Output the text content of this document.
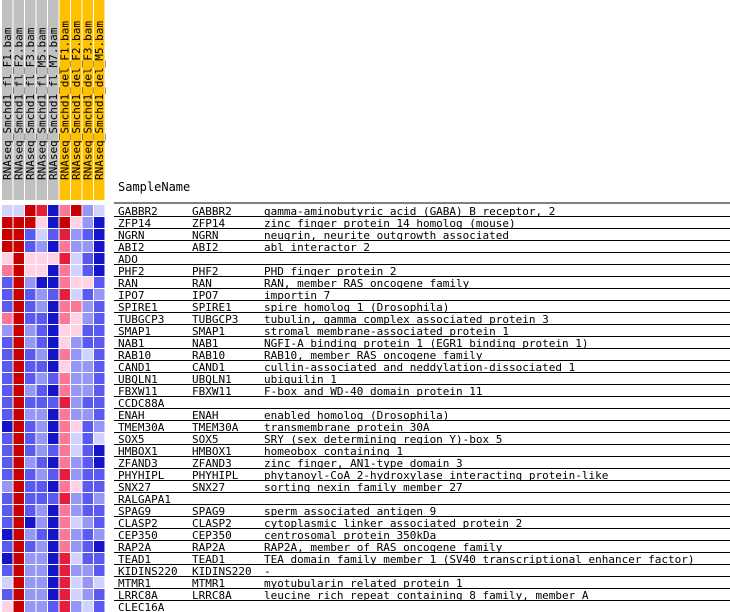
RNAseq_Smchd1_fl_F1.bam
RNAseq_Smchd1_fl_F2.bam
RNAseq_Smchd1_fl_F3.bam
RNAseq_Smchd1_fl_M5.bam
RNAseq_Smchd1_fl_M7.bam
RNAseq_Smchd1_del_F1.bam
RNAseq_Smchd1_del_F2.bam
RNAseq_Smchd1_del_F3.bam
RNAseq_Smchd1_del_M5.bam
SampleName
GABBR2	GABBR2	gamma-aminobutyric acid (GABA) B receptor, 2
ZFP14	ZFP14	zinc finger protein 14 homolog (mouse)
NGRN	NGRN	neugrin, neurite outgrowth associated
ABI2	ABI2	abl interactor 2
ADO
PHF2	PHF2	PHD finger protein 2
RAN	RAN	RAN, member RAS oncogene family
IPO7	IPO7	importin 7
SPIRE1	SPIRE1	spire homolog 1 (Drosophila)
TUBGCP3	TUBGCP3 tubulin, gamma complex associated protein 3
SMAP1	SMAP1	stromal membrane-associated protein 1
NAB1	NAB1	NGFI-A binding protein 1 (EGR1 binding protein 1)
RAB10	RAB10	RAB10, member RAS oncogene family
CAND1	CAND1	cullin-associated and neddylation-dissociated 1
UBQLN1	UBQLN1	ubiquilin 1
FBXW11	FBXW11	F-box and WD-40 domain protein 11
CCDC88A
ENAH	ENAH	enabled homolog (Drosophila)
TMEM30A	TMEM30A transmembrane protein 30A
SOX5	SOX5	SRY (sex determining region Y)-box 5
HMBOX1	HMBOX1	homeobox containing 1
ZFAND3	ZFAND3	zinc finger, AN1-type domain 3
PHYHIPL	PHYHIPL phytanoyl-CoA 2-hydroxylase interacting protein-like
SNX27	SNX27	sorting nexin family member 27
RALGAPA1
SPAG9	SPAG9	sperm associated antigen 9
CLASP2	CLASP2	cytoplasmic linker associated protein 2
CEP350	CEP350	centrosomal protein 350kDa
RAP2A	RAP2A	RAP2A, member of RAS oncogene family
TEAD1	TEAD1	TEA domain family member 1 (SV40 transcriptional enhancer factor)
KIDINS220 KIDINS220 -
MTMR1	MTMR1	myotubularin related protein 1
LRRC8A	LRRC8A	leucine rich repeat containing 8 family, member A
CLEC16A
